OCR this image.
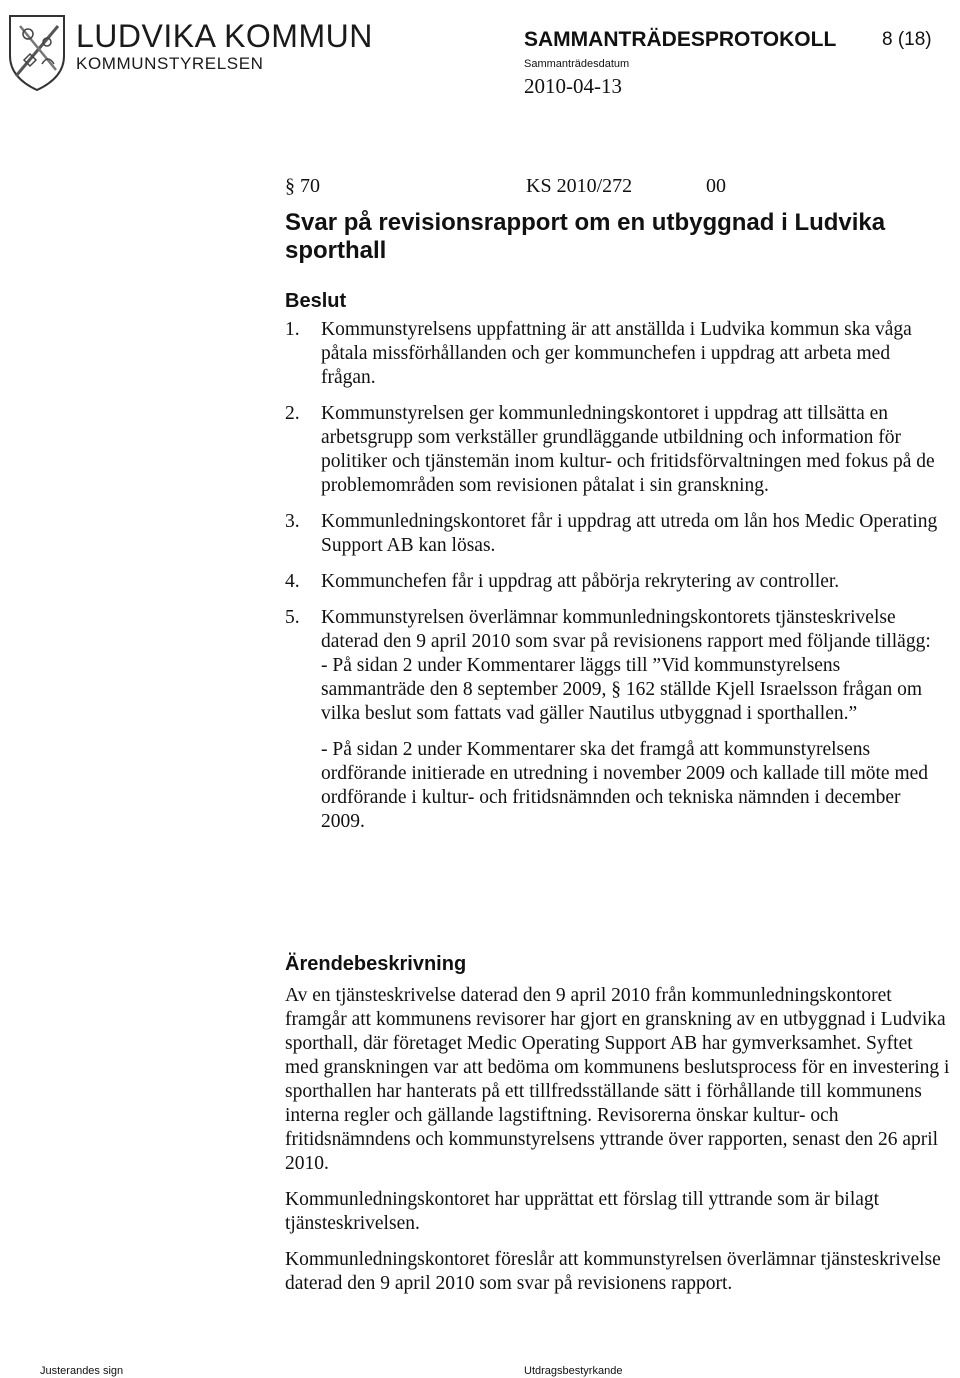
LUDVIKA KOMMUN
KOMMUNSTYRELSEN
SAMMANTRÄDESPROTOKOLL 8 (18)
Sammanträdesdatum
2010-04-13
§ 70	KS 2010/272	00
Svar på revisionsrapport om en utbyggnad i Ludvika sporthall
Beslut
1. Kommunstyrelsens uppfattning är att anställda i Ludvika kommun ska våga påtala missförhållanden och ger kommunchefen i uppdrag att arbeta med frågan.

2. Kommunstyrelsen ger kommunledningskontoret i uppdrag att tillsätta en arbetsgrupp som verkställer grundläggande utbildning och information för politiker och tjänstemän inom kultur- och fritidsförvaltningen med fokus på de problemområden som revisionen påtalat i sin granskning.

3. Kommunledningskontoret får i uppdrag att utreda om lån hos Medic Operating Support AB kan lösas.

4. Kommunchefen får i uppdrag att påbörja rekrytering av controller.

5. Kommunstyrelsen överlämnar kommunledningskontorets tjänsteskrivelse daterad den 9 april 2010 som svar på revisionens rapport med följande tillägg: - På sidan 2 under Kommentarer läggs till ”Vid kommunstyrelsens sammanträde den 8 september 2009, § 162 ställde Kjell Israelsson frågan om vilka beslut som fattats vad gäller Nautilus utbyggnad i sporthallen.”

- På sidan 2 under Kommentarer ska det framgå att kommunstyrelsens ordförande initierade en utredning i november 2009 och kallade till möte med ordförande i kultur- och fritidsnämnden och tekniska nämnden i december 2009.

Ärendebeskrivning

Av en tjänsteskrivelse daterad den 9 april 2010 från kommunledningskontoret framgår att kommunens revisorer har gjort en granskning av en utbyggnad i Ludvika sporthall, där företaget Medic Operating Support AB har gymverksamhet. Syftet med granskningen var att bedöma om kommunens beslutsprocess för en investering i sporthallen har hanterats på ett tillfredsställande sätt i förhållande till kommunens interna regler och gällande lagstiftning. Revisorerna önskar kultur- och fritidsnämndens och kommunstyrelsens yttrande över rapporten, senast den 26 april 2010.

Kommunledningskontoret har upprättat ett förslag till yttrande som är bilagt tjänsteskrivelsen.

Kommunledningskontoret föreslår att kommunstyrelsen överlämnar tjänsteskrivelse daterad den 9 april 2010 som svar på revisionens rapport.

Justerandes sign	Utdragsbestyrkande
